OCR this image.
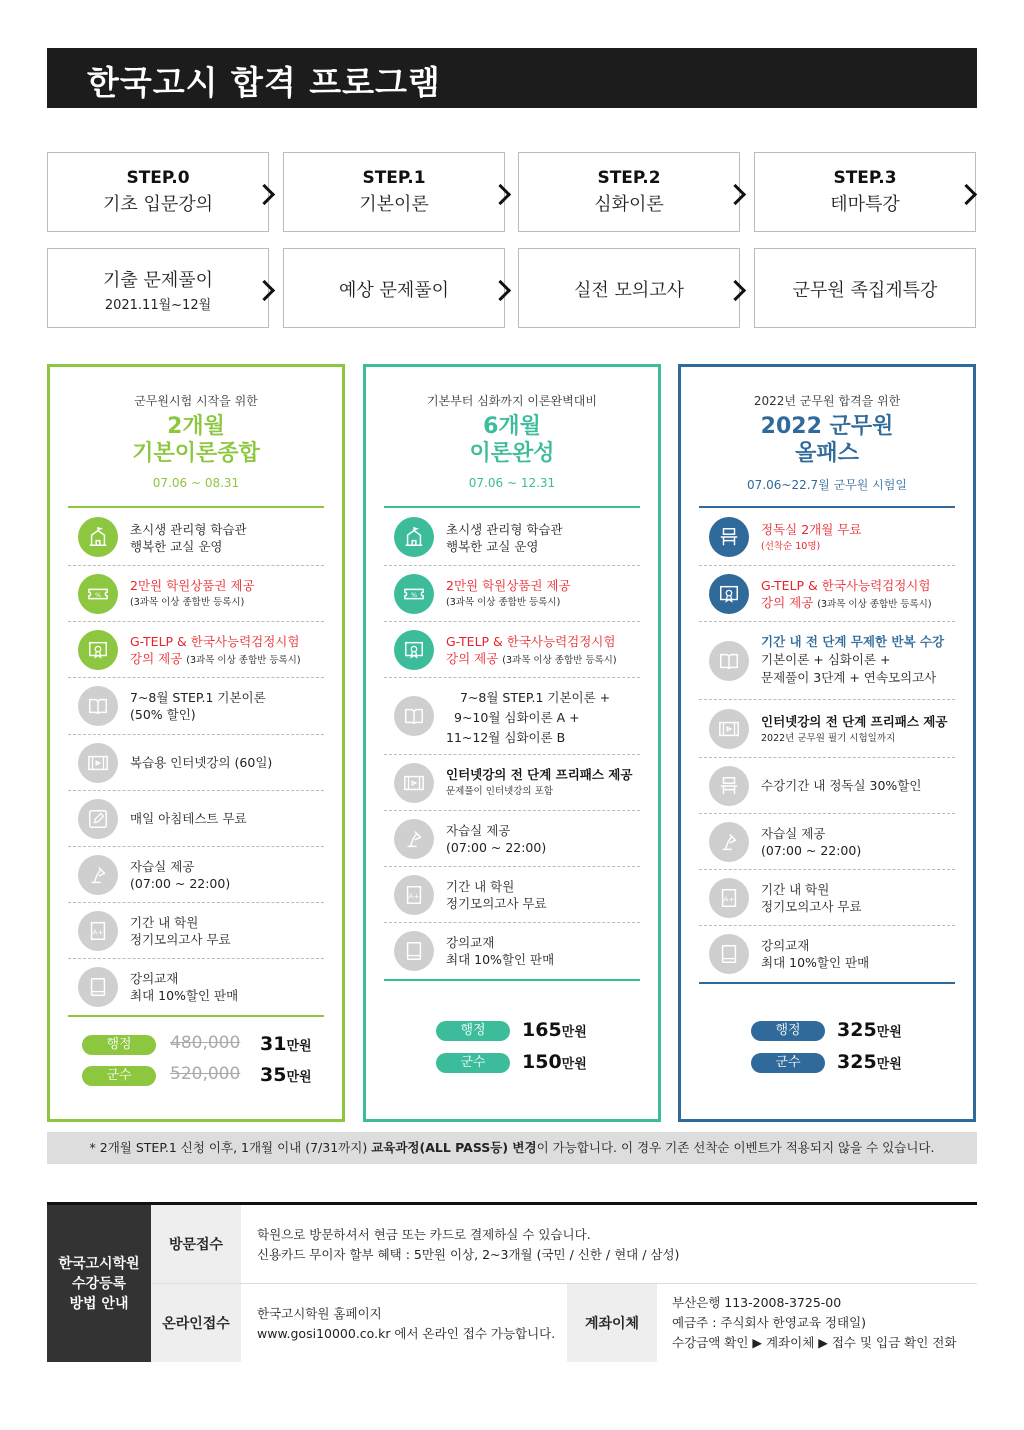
한국고시 합격 프로그램
STEP.0
기초 입문강의
STEP.1
기본이론
STEP.2
심화이론
STEP.3
테마특강
기출 문제풀이
2021.11월~12월
예상 문제풀이	실전 모의고사	군무원 족집게특강
군무원시험 시작을 위한
2개월
기본이론종합
07.06 ~ 08.31
초시생 관리형 학습관
행복한 교실 운영
2만원 학원상품권 제공
(3과목 이상 종합반 등록시)
G-TELP & 한국사능력검정시험
강의 제공 (3과목 이상 종합반 등록시)
7~8월 STEP.1 기본이론
(50% 할인)
복습용 인터넷강의 (60일)
매일 아침테스트 무료
자습실 제공
(07:00 ~ 22:00)
기간 내 학원
정기모의고사 무료
강의교재
최대 10%할인 판매
행정	480,000 31만원
군수	520,000 35만원
기본부터 심화까지 이론완벽대비
6개월
이론완성
07.06 ~ 12.31
초시생 관리형 학습관
행복한 교실 운영
2만원 학원상품권 제공
(3과목 이상 종합반 등록시)
G-TELP & 한국사능력검정시험
강의 제공 (3과목 이상 종합반 등록시)
7~8월 STEP.1 기본이론 +
9~10월 심화이론 A +
11~12월 심화이론 B
인터넷강의 전 단계 프리패스 제공
문제풀이 인터넷강의 포함
자습실 제공
(07:00 ~ 22:00)
기간 내 학원
정기모의고사 무료
강의교재
최대 10%할인 판매
행정	165만원
군수	150만원
2022년 군무원 합격을 위한
2022 군무원
올패스
07.06~22.7월 군무원 시험일
정독실 2개월 무료
(선착순 10명)
G-TELP & 한국사능력검정시험
강의 제공 (3과목 이상 종합반 등록시)
기간 내 전 단계 무제한 반복 수강
기본이론 + 심화이론 +
문제풀이 3단계 + 연속모의고사
인터넷강의 전 단계 프리패스 제공
2022년 군무원 필기 시험일까지
수강기간 내 정독실 30%할인
자습실 제공
(07:00 ~ 22:00)
기간 내 학원
정기모의고사 무료
강의교재
최대 10%할인 판매
행정	325만원
군수	325만원
* 2개월 STEP.1 신청 이후, 1개월 이내 (7/31까지) 교육과정(ALL PASS등) 변경이 가능합니다. 이 경우 기존 선착순 이벤트가 적용되지 않을 수 있습니다.
한국고시학원
수강등록
방법 안내
방문접수
학원으로 방문하셔서 현금 또는 카드로 결제하실 수 있습니다.
신용카드 무이자 할부 혜택 : 5만원 이상, 2~3개월 (국민 / 신한 / 현대 / 삼성)
온라인접수
한국고시학원 홈페이지
www.gosi10000.co.kr 에서 온라인 접수 가능합니다.
계좌이체
부산은행 113-2008-3725-00
예금주 : 주식회사 한영교육 정태일)
수강금액 확인 ▶ 계좌이체 ▶ 접수 및 입금 확인 전화
